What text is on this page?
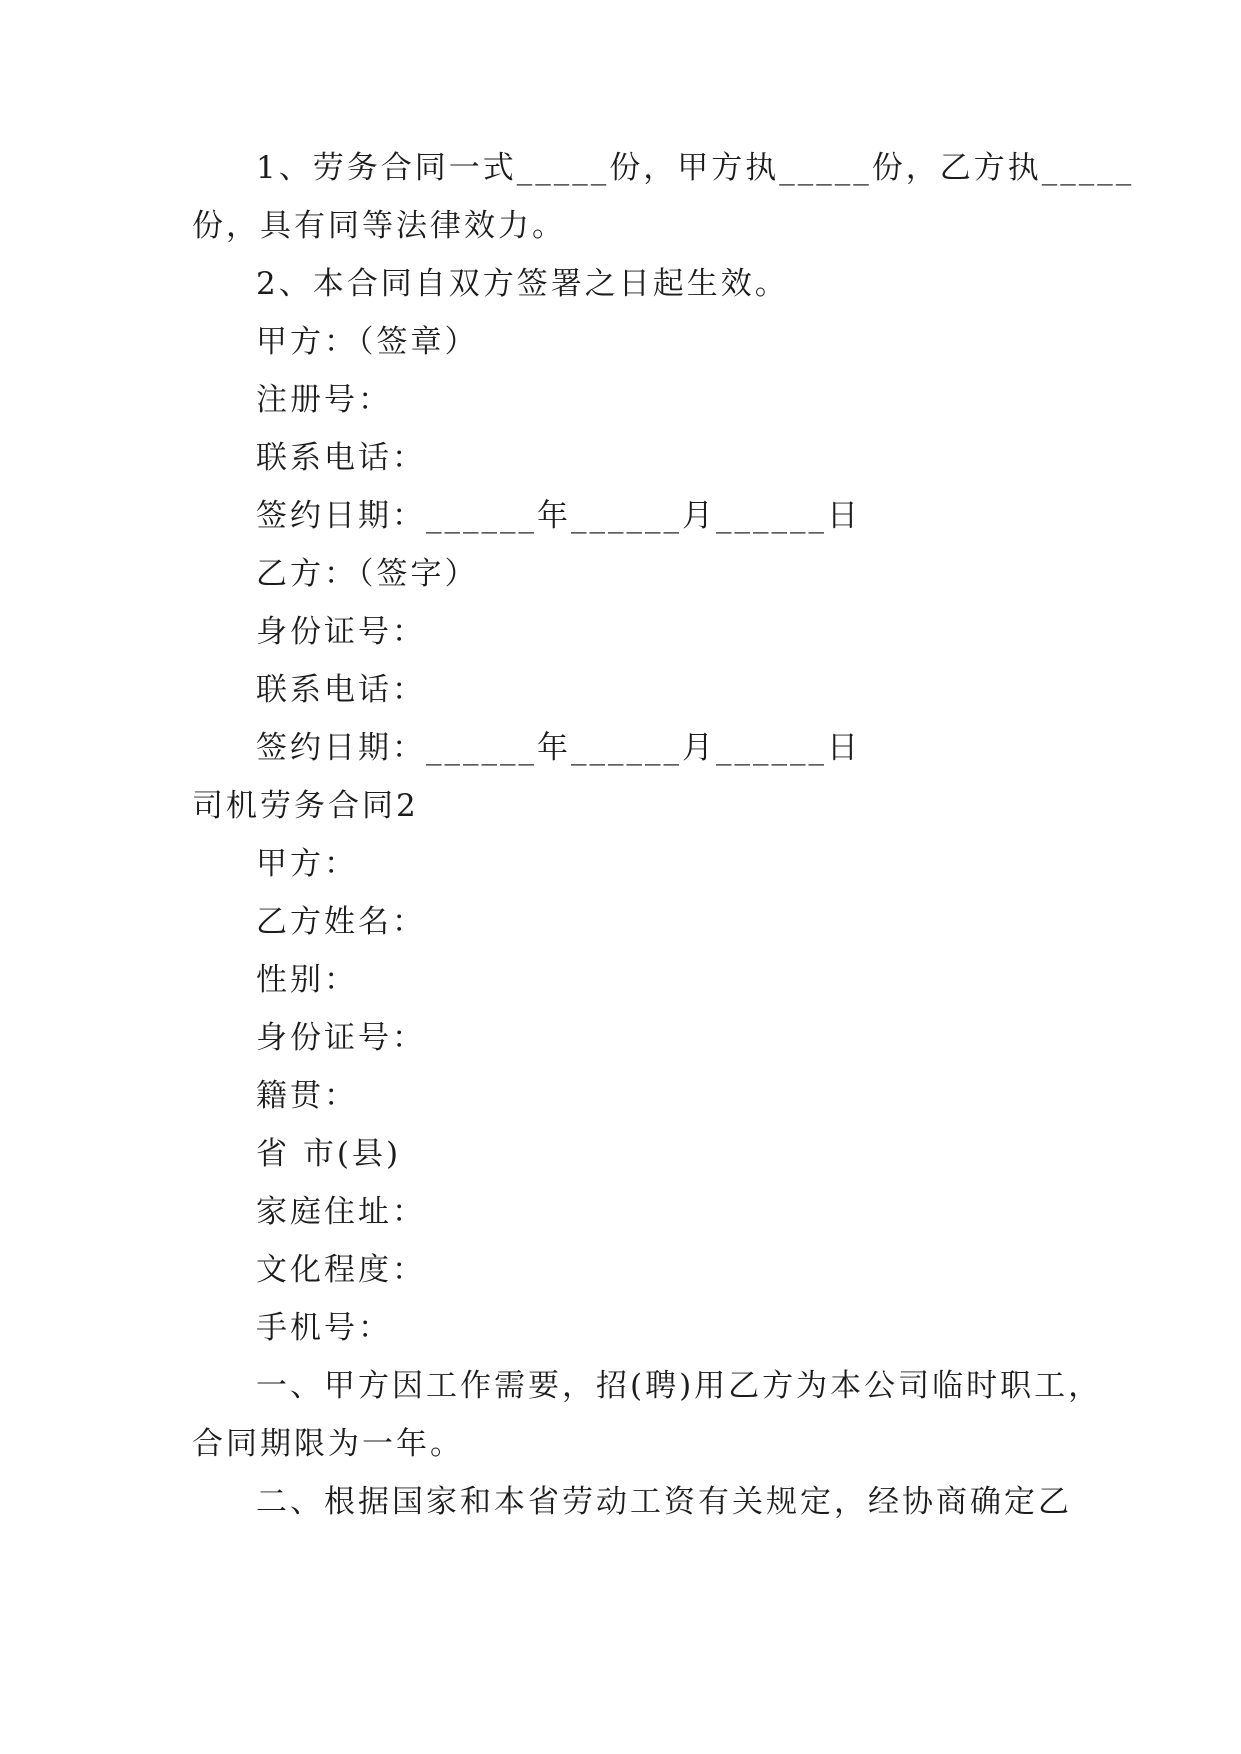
1、劳务合同一式_____份，甲方执_____份，乙方执_____
份，具有同等法律效力。

2、本合同自双方签署之日起生效。

甲方：（签章）

注册号：

联系电话：

签约日期：______年______月______日

乙方：（签字）

身份证号：

联系电话：

签约日期：______年______月______日

司机劳务合同2

甲方：

乙方姓名：

性别：

身份证号：

籍贯：

省 市(县)

家庭住址：

文化程度：

手机号：

一、甲方因工作需要，招(聘)用乙方为本公司临时职工，
合同期限为一年。

二、根据国家和本省劳动工资有关规定，经协商确定乙
